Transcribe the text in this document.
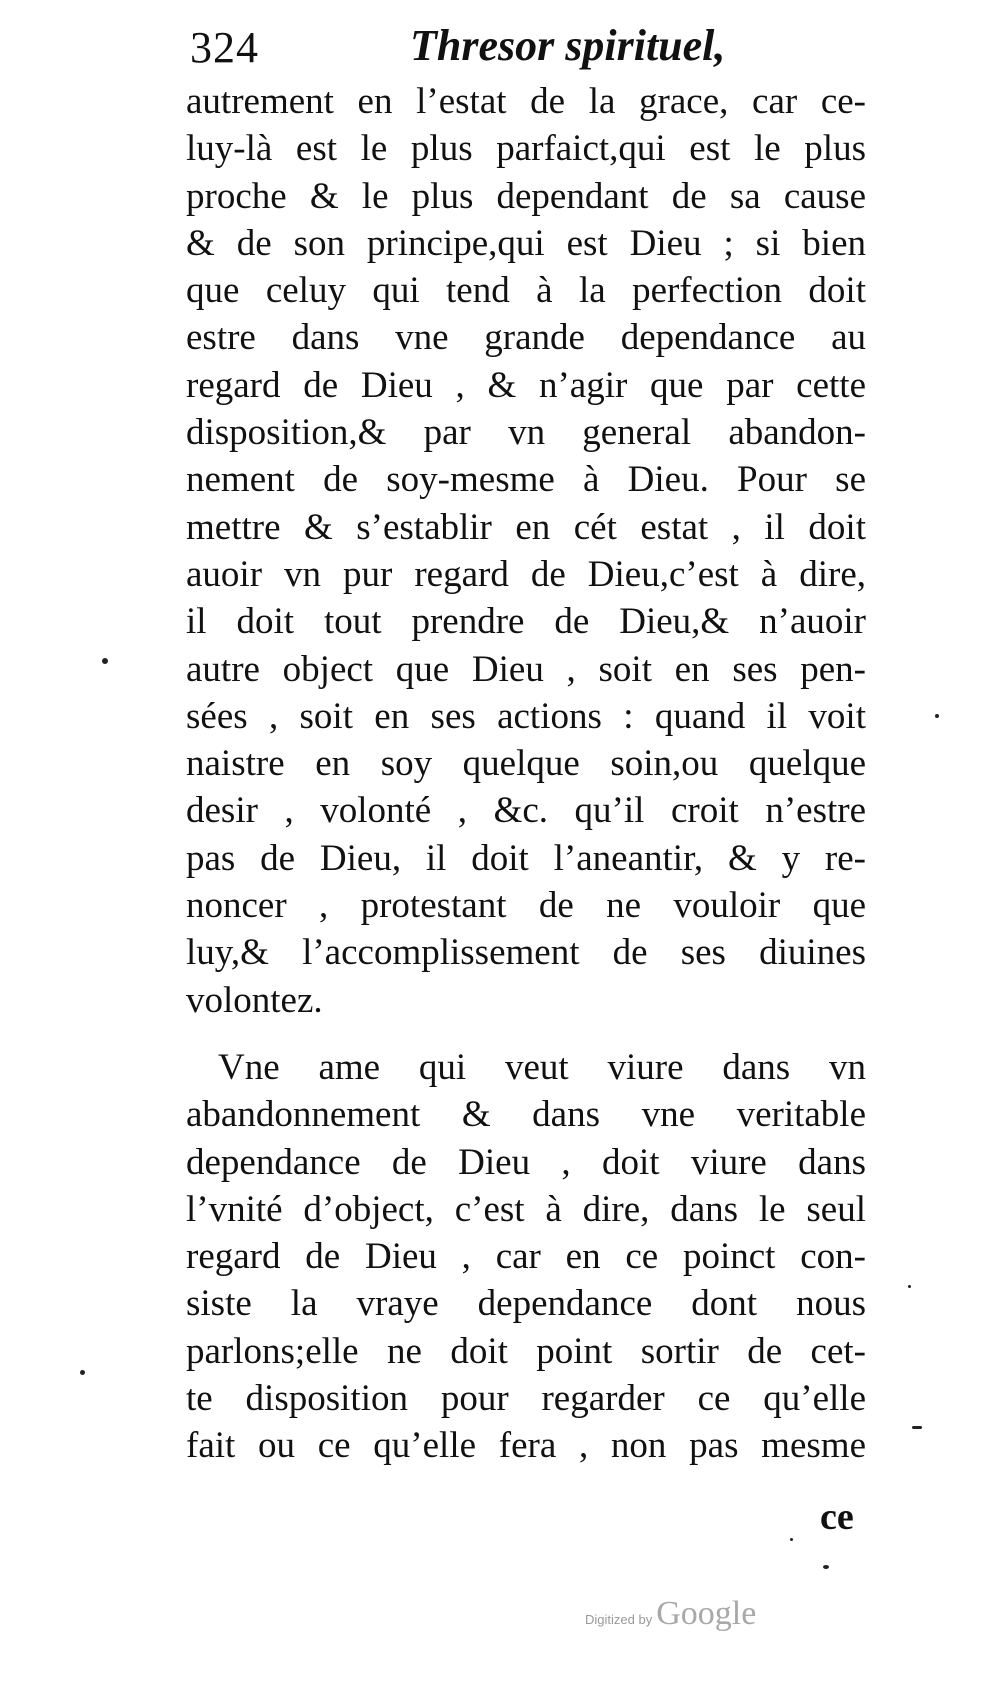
324	Thresor spirituel,
autrement en l’estat de la grace, car ce-
luy-là est le plus parfaict,qui est le plus
proche & le plus dependant de sa cause
& de son principe,qui est Dieu ; si bien
que celuy qui tend à la perfection doit
estre dans vne grande dependance au
regard de Dieu , & n’agir que par cette
disposition,& par vn general abandon-
nement de soy-mesme à Dieu. Pour se
mettre & s’establir en cét estat , il doit
auoir vn pur regard de Dieu,c’est à dire,
il doit tout prendre de Dieu,& n’auoir
autre object que Dieu , soit en ses pen-
sées , soit en ses actions : quand il voit
naistre en soy quelque soin,ou quelque
desir , volonté , &c. qu’il croit n’estre
pas de Dieu, il doit l’aneantir, & y re-
noncer , protestant de ne vouloir que
luy,& l’accomplissement de ses diuines
volontez.
Vne ame qui veut viure dans vn
abandonnement & dans vne veritable
dependance de Dieu , doit viure dans
l’vnité d’object, c’est à dire, dans le seul
regard de Dieu , car en ce poinct con-
siste la vraye dependance dont nous
parlons;elle ne doit point sortir de cet-
te disposition pour regarder ce qu’elle
fait ou ce qu’elle fera , non pas mesme
ce
Digitized by Google
